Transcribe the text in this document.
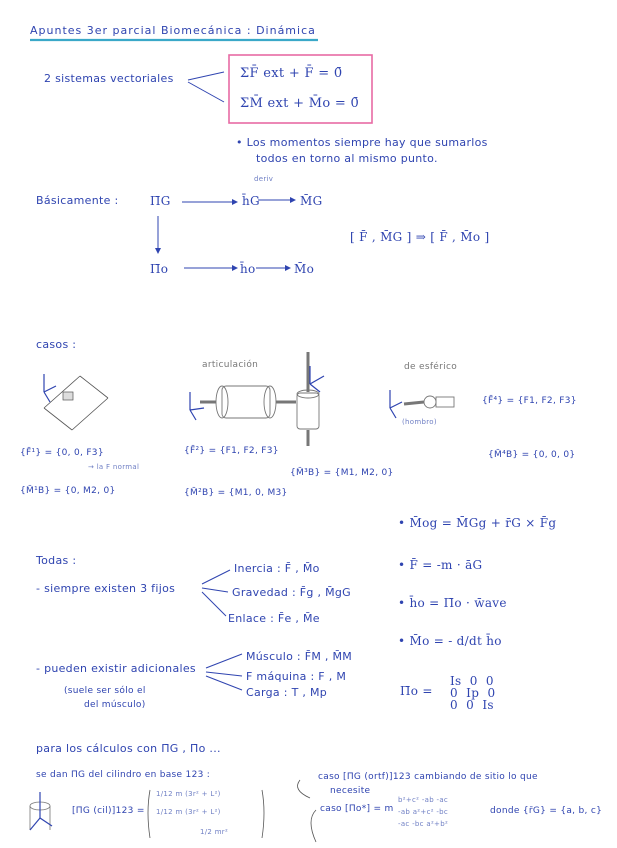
Apuntes 3er parcial Biomecánica : Dinámica
2 sistemas vectoriales	ΣF̄ ext + F̄ = 0̄
ΣM̄ ext + M̄o = 0̄
• Los momentos siempre hay que sumarlos
todos en torno al mismo punto.
Básicamente :	Π̄G	h̄G
deriv
M̄G
[ F̄ , M̄G ] ⇒ [ F̄ , M̄o ]
Π̄o	h̄o	M̄o
casos :
articulación	de esférico
(hombro)
{F̄¹} = {0, 0, F3}
→ la F normal
{M̄¹B} = {0, M2, 0}
{F̄²} = {F1, F2, F3}
{M̄²B} = {M1, 0, M3}
{M̄³B} = {M1, M2, 0}
{F̄⁴} = {F1, F2, F3}
{M̄⁴B} = {0, 0, 0}
• M̄og = M̄Gg + r̄G × F̄g
• F̄ = -m · āG
• h̄o = Π̄o · w̄ave
• M̄o = - d/dt h̄o
Π̄o =
Is 0 0
0 Ip 0
0 0 Is
Todas :
- siempre existen 3 fijos
Inercia : F̄ , M̄o
Gravedad : F̄g , M̄gG
Enlace : F̄e , M̄e
- pueden existir adicionales
(suele ser sólo el
del músculo)
Músculo : F̄M , M̄M
F máquina : F , M
Carga : T , Mp
para los cálculos con Π̄G , Π̄o ...
se dan Π̄G del cilindro en base 123 :
[Π̄G (cil)]123 =
1/12 m (3r² + L²)
1/12 m (3r² + L²)
1/2 mr²
caso [Π̄G (ortf)]123 cambiando de sitio lo que
necesite
caso [Π̄o*] = m
b²+c² -ab -ac
-ab a²+c² -bc
-ac -bc a²+b²
donde {r̄G} = {a, b, c}
